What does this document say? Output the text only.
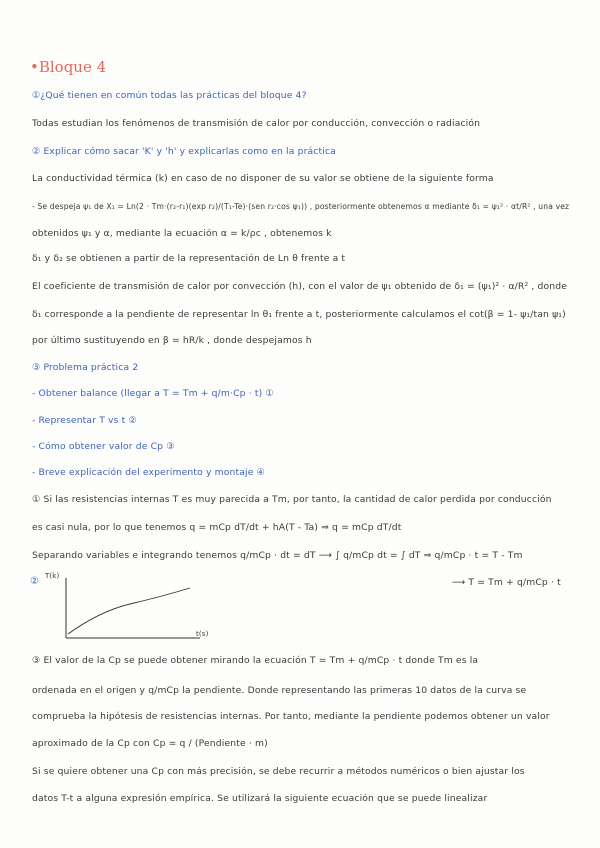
•Bloque 4
①¿Qué tienen en común todas las prácticas del bloque 4?
Todas estudian los fenómenos de transmisión de calor por conducción, convección o radiación
② Explicar cómo sacar 'K' y 'h' y explicarlas como en la práctica
La conductividad térmica (k) en caso de no disponer de su valor se obtiene de la siguiente forma
- Se despeja ψ₁ de X₁ = Ln(2 · Tm·(r₂-r₁)(exp r₂)/(T₁-Te)·(sen r₂·cos ψ₁)) , posteriormente obtenemos α mediante δ₁ = ψ₁² · αt/R² , una vez
obtenidos ψ₁ y α, mediante la ecuación α = k/ρc , obtenemos k
δ₁ y δ₂ se obtienen a partir de la representación de Ln θ frente a t
El coeficiente de transmisión de calor por convección (h), con el valor de ψ₁ obtenido de δ₁ = (ψ₁)² · α/R² , donde
δ₁ corresponde a la pendiente de representar ln θ₁ frente a t, posteriormente calculamos el cot(β = 1- ψ₁/tan ψ₁)
por último sustituyendo en β = hR/k , donde despejamos h
③ Problema práctica 2
- Obtener balance (llegar a T = Tm + q/m·Cp · t) ①
- Representar T vs t ②
- Cómo obtener valor de Cp ③
- Breve explicación del experimento y montaje ④
① Si las resistencias internas T es muy parecida a Tm, por tanto, la cantidad de calor perdida por conducción
es casi nula, por lo que tenemos q = mCp dT/dt + hA(T - Ta) ⇒ q = mCp dT/dt
Separando variables e integrando tenemos q/mCp · dt = dT ⟶ ∫ q/mCp dt = ∫ dT ⇒ q/mCp · t = T - Tm
⟶ T = Tm + q/mCp · t
② T(k)
t(s)
③ El valor de la Cp se puede obtener mirando la ecuación T = Tm + q/mCp · t donde Tm es la
ordenada en el origen y q/mCp la pendiente. Donde representando las primeras 10 datos de la curva se
comprueba la hipótesis de resistencias internas. Por tanto, mediante la pendiente podemos obtener un valor
aproximado de la Cp con Cp = q / (Pendiente · m)
Si se quiere obtener una Cp con más precisión, se debe recurrir a métodos numéricos o bien ajustar los
datos T-t a alguna expresión empírica. Se utilizará la siguiente ecuación que se puede linealizar
